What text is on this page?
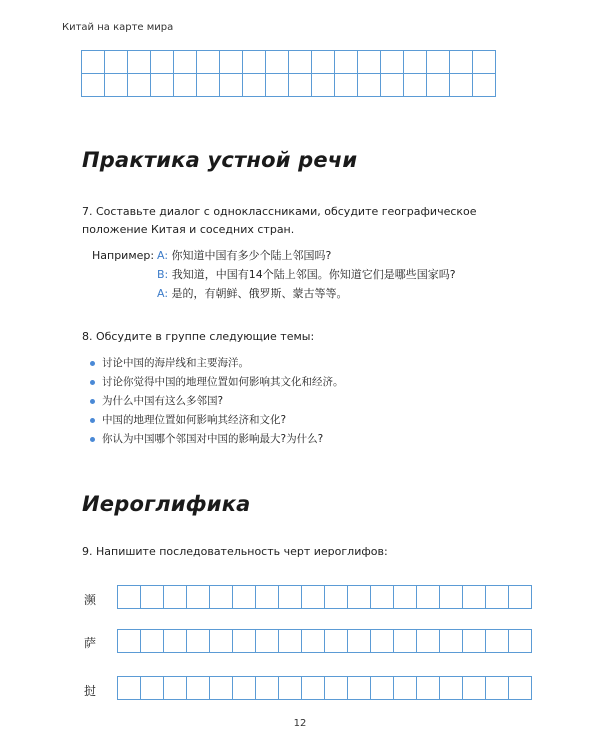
Китай на карте мира
Практика устной речи
7. Составьте диалог с одноклассниками, обсудите географическое положение Китая и соседних стран.
Например: A: 你知道中国有多少个陆上邻国吗?
B: 我知道，中国有14个陆上邻国。你知道它们是哪些国家吗?
A: 是的，有朝鲜、俄罗斯、蒙古等等。
8. Обсудите в группе следующие темы:
讨论中国的海岸线和主要海洋。
讨论你觉得中国的地理位置如何影响其文化和经济。
为什么中国有这么多邻国?
中国的地理位置如何影响其经济和文化?
你认为中国哪个邻国对中国的影响最大?为什么?
Иероглифика
9. Напишите последовательность черт иероглифов:
濒
萨
挝
12
